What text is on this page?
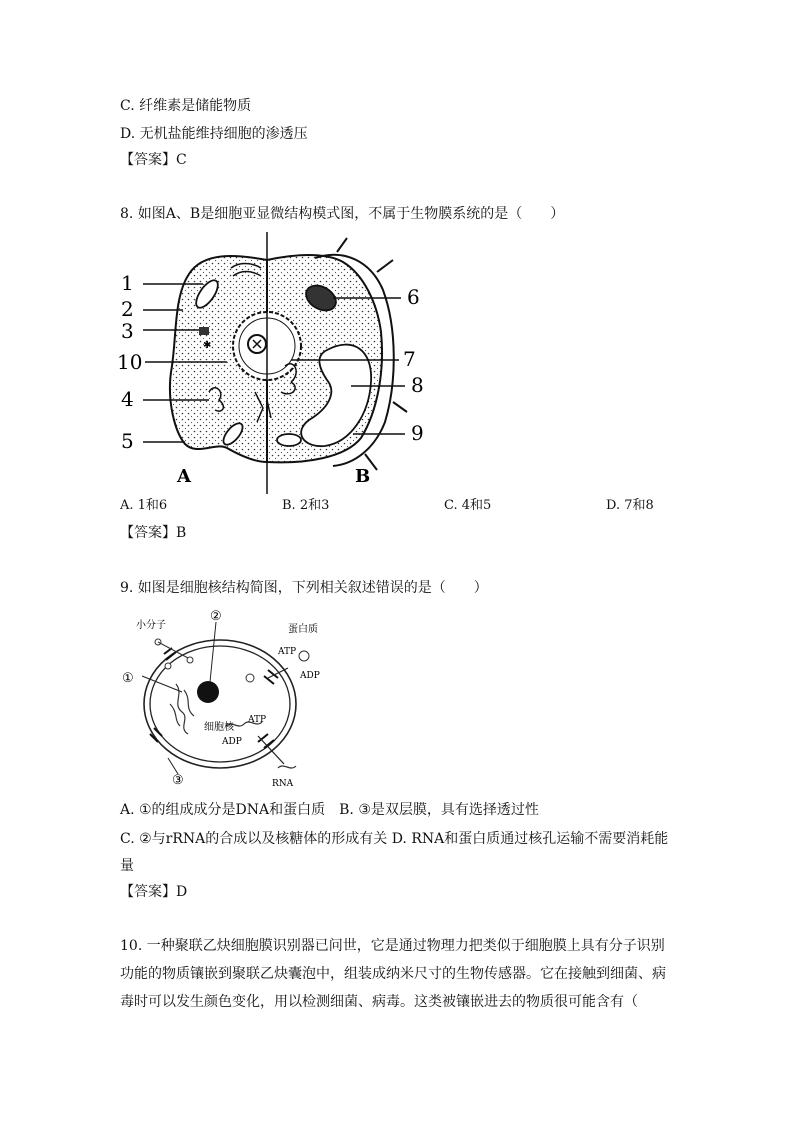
C. 纤维素是储能物质
D. 无机盐能维持细胞的渗透压
【答案】C
8. 如图A、B是细胞亚显微结构模式图，不属于生物膜系统的是（　　）
✱
1
2
3
10
4
5
6
7
8
9
A	B
A. 1和6	B. 2和3	C. 4和5	D. 7和8
【答案】B
9. 如图是细胞核结构简图，下列相关叙述错误的是（　　）
小分子	蛋白质
ATP
ADP
细胞核
ATP
ADP
RNA
①
②
③
A. ①的组成成分是DNA和蛋白质　B. ③是双层膜，具有选择透过性
C. ②与rRNA的合成以及核糖体的形成有关 D. RNA和蛋白质通过核孔运输不需要消耗能
量
【答案】D
10. 一种聚联乙炔细胞膜识别器已问世，它是通过物理力把类似于细胞膜上具有分子识别
功能的物质镶嵌到聚联乙炔囊泡中，组装成纳米尺寸的生物传感器。它在接触到细菌、病
毒时可以发生颜色变化，用以检测细菌、病毒。这类被镶嵌进去的物质很可能含有（
